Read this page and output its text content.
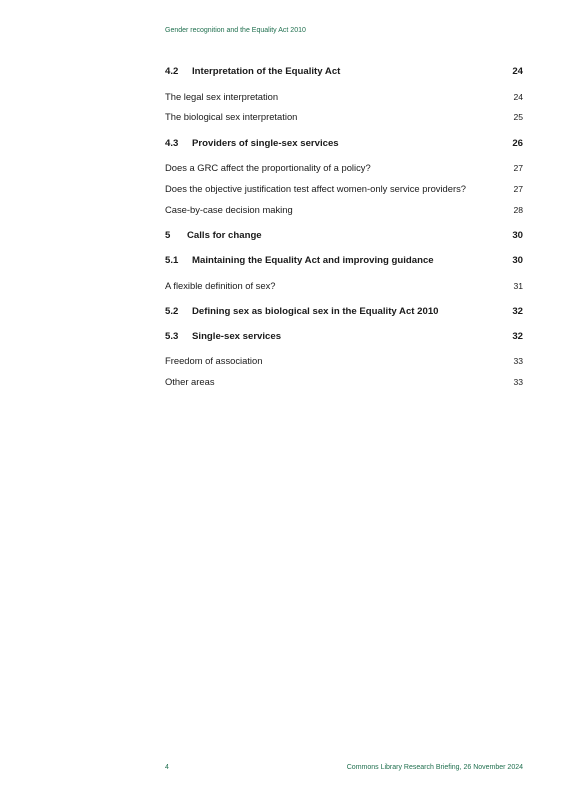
Gender recognition and the Equality Act 2010
4.2	Interpretation of the Equality Act	24
The legal sex interpretation	24
The biological sex interpretation	25
4.3	Providers of single-sex services	26
Does a GRC affect the proportionality of a policy?	27
Does the objective justification test affect women-only service providers?	27
Case-by-case decision making	28
5	Calls for change	30
5.1	Maintaining the Equality Act and improving guidance	30
A flexible definition of sex?	31
5.2	Defining sex as biological sex in the Equality Act 2010	32
5.3	Single-sex services	32
Freedom of association	33
Other areas	33
4	Commons Library Research Briefing, 26 November 2024
